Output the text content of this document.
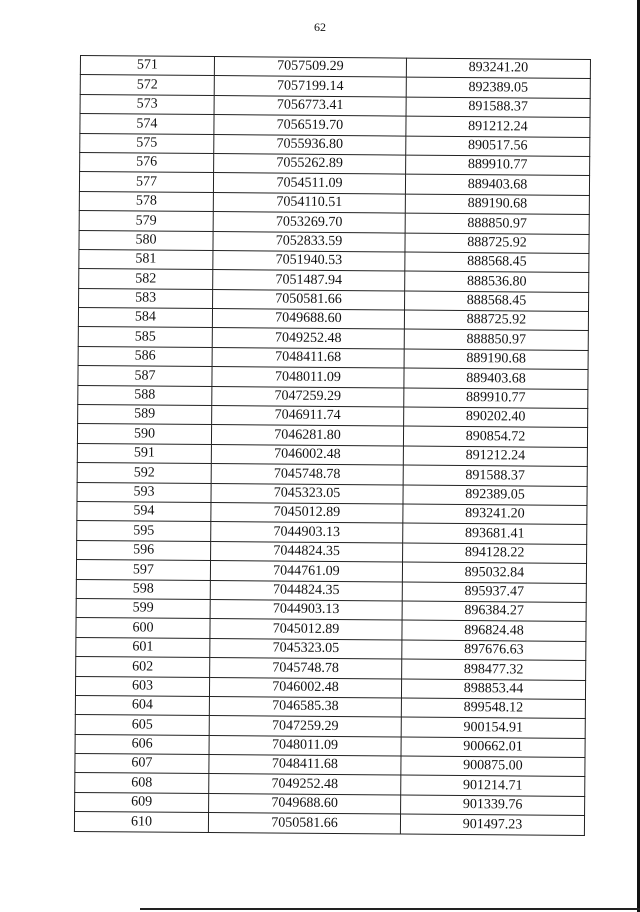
62
571	7057509.29	893241.20
572	7057199.14	892389.05
573	7056773.41	891588.37
574	7056519.70	891212.24
575	7055936.80	890517.56
576	7055262.89	889910.77
577	7054511.09	889403.68
578	7054110.51	889190.68
579	7053269.70	888850.97
580	7052833.59	888725.92
581	7051940.53	888568.45
582	7051487.94	888536.80
583	7050581.66	888568.45
584	7049688.60	888725.92
585	7049252.48	888850.97
586	7048411.68	889190.68
587	7048011.09	889403.68
588	7047259.29	889910.77
589	7046911.74	890202.40
590	7046281.80	890854.72
591	7046002.48	891212.24
592	7045748.78	891588.37
593	7045323.05	892389.05
594	7045012.89	893241.20
595	7044903.13	893681.41
596	7044824.35	894128.22
597	7044761.09	895032.84
598	7044824.35	895937.47
599	7044903.13	896384.27
600	7045012.89	896824.48
601	7045323.05	897676.63
602	7045748.78	898477.32
603	7046002.48	898853.44
604	7046585.38	899548.12
605	7047259.29	900154.91
606	7048011.09	900662.01
607	7048411.68	900875.00
608	7049252.48	901214.71
609	7049688.60	901339.76
610	7050581.66	901497.23
